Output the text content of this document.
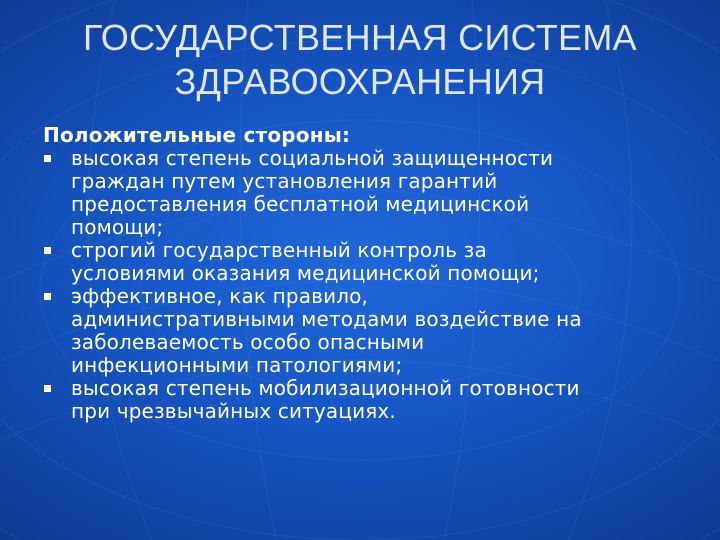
ГОСУДАРСТВЕННАЯ СИСТЕМА
ЗДРАВООХРАНЕНИЯ
Положительные стороны:
высокая степень социальной защищенности
граждан путем установления гарантий
предоставления бесплатной медицинской
помощи;
строгий государственный контроль за
условиями оказания медицинской помощи;
эффективное, как правило,
административными методами воздействие на
заболеваемость особо опасными
инфекционными патологиями;
высокая степень мобилизационной готовности
при чрезвычайных ситуациях.
